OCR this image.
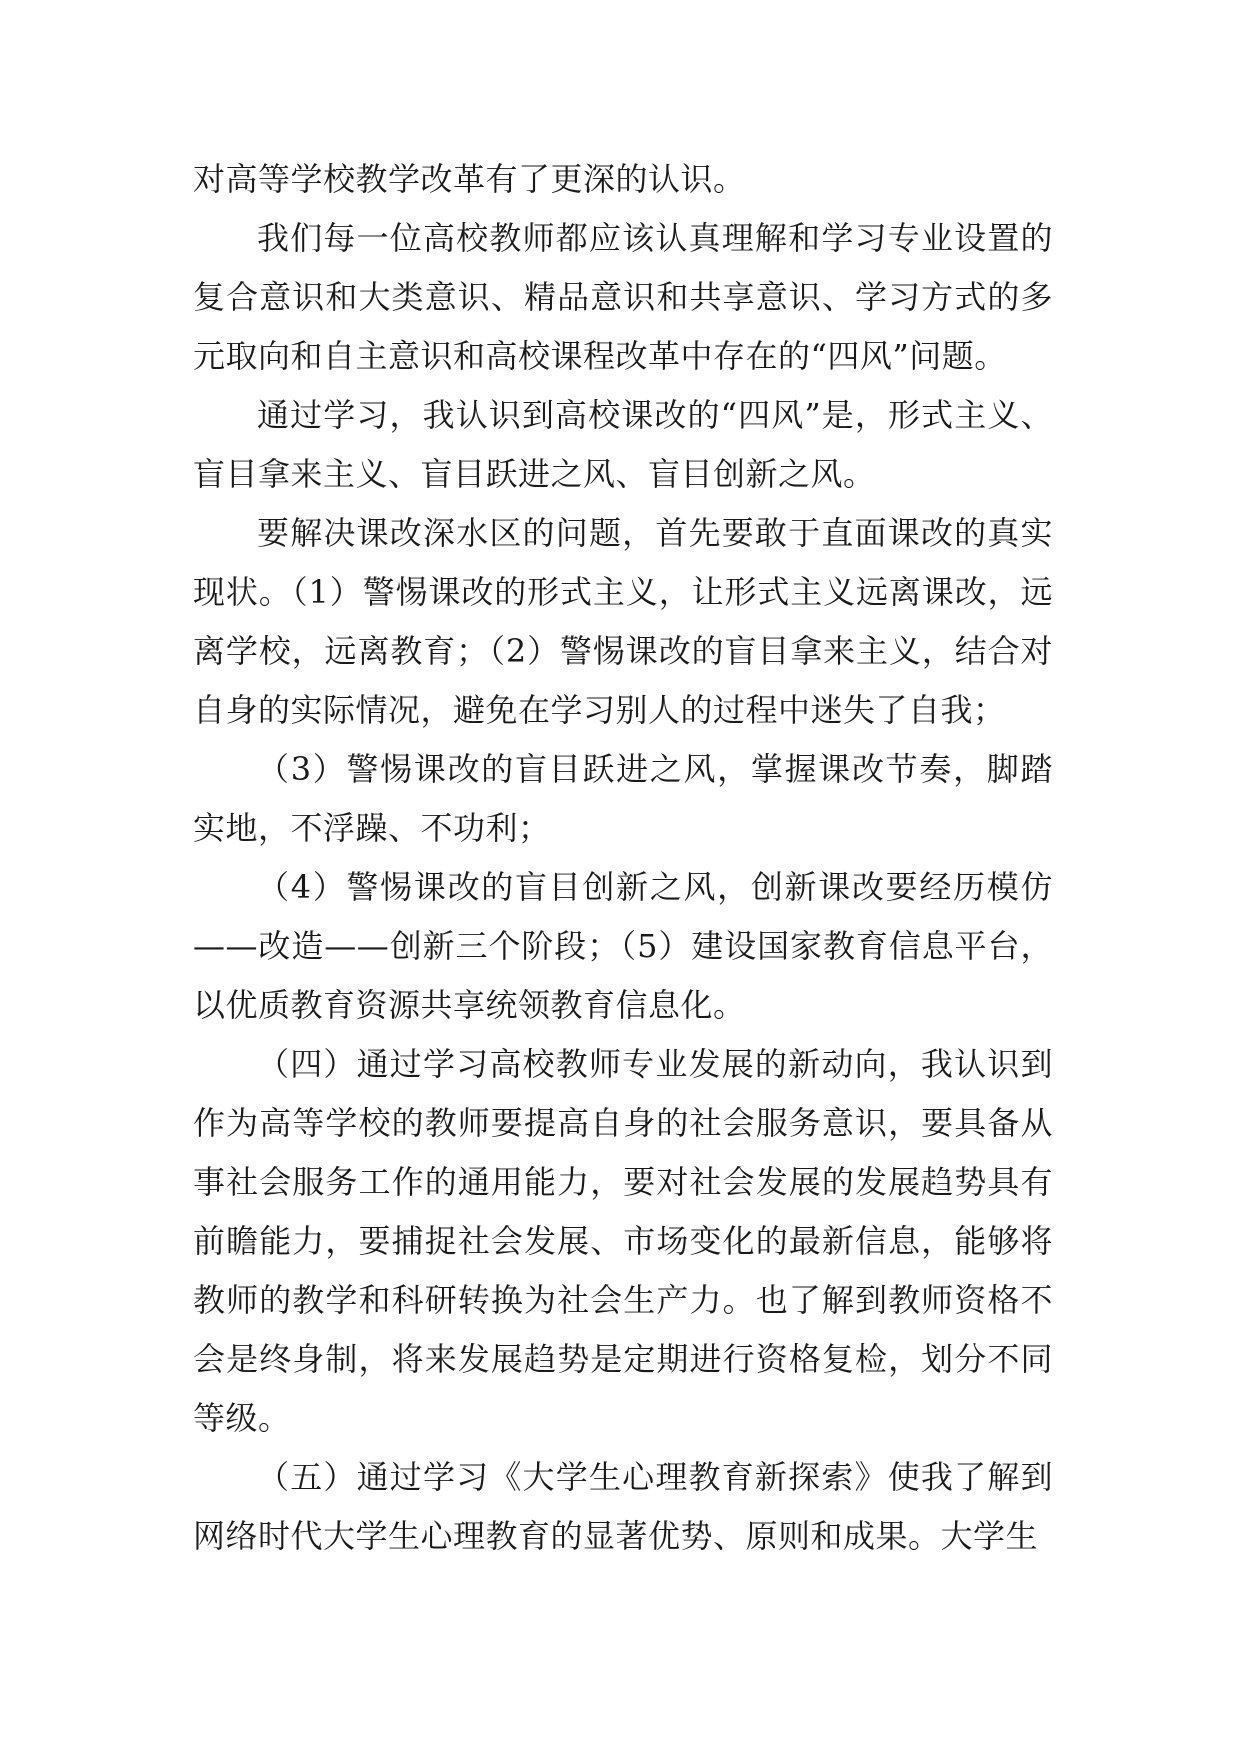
对高等学校教学改革有了更深的认识。

我们每一位高校教师都应该认真理解和学习专业设置的复合意识和大类意识、精品意识和共享意识、学习方式的多元取向和自主意识和高校课程改革中存在的“四风”问题。

通过学习，我认识到高校课改的“四风”是，形式主义、盲目拿来主义、盲目跃进之风、盲目创新之风。

要解决课改深水区的问题，首先要敢于直面课改的真实现状。（1）警惕课改的形式主义，让形式主义远离课改，远离学校，远离教育；（2）警惕课改的盲目拿来主义，结合对自身的实际情况，避免在学习别人的过程中迷失了自我；

（3）警惕课改的盲目跃进之风，掌握课改节奏，脚踏实地，不浮躁、不功利；

（4）警惕课改的盲目创新之风，创新课改要经历模仿——改造——创新三个阶段；（5）建设国家教育信息平台，以优质教育资源共享统领教育信息化。

（四）通过学习高校教师专业发展的新动向，我认识到作为高等学校的教师要提高自身的社会服务意识，要具备从事社会服务工作的通用能力，要对社会发展的发展趋势具有前瞻能力，要捕捉社会发展、市场变化的最新信息，能够将教师的教学和科研转换为社会生产力。也了解到教师资格不会是终身制，将来发展趋势是定期进行资格复检，划分不同等级。

（五）通过学习《大学生心理教育新探索》使我了解到网络时代大学生心理教育的显著优势、原则和成果。大学生
